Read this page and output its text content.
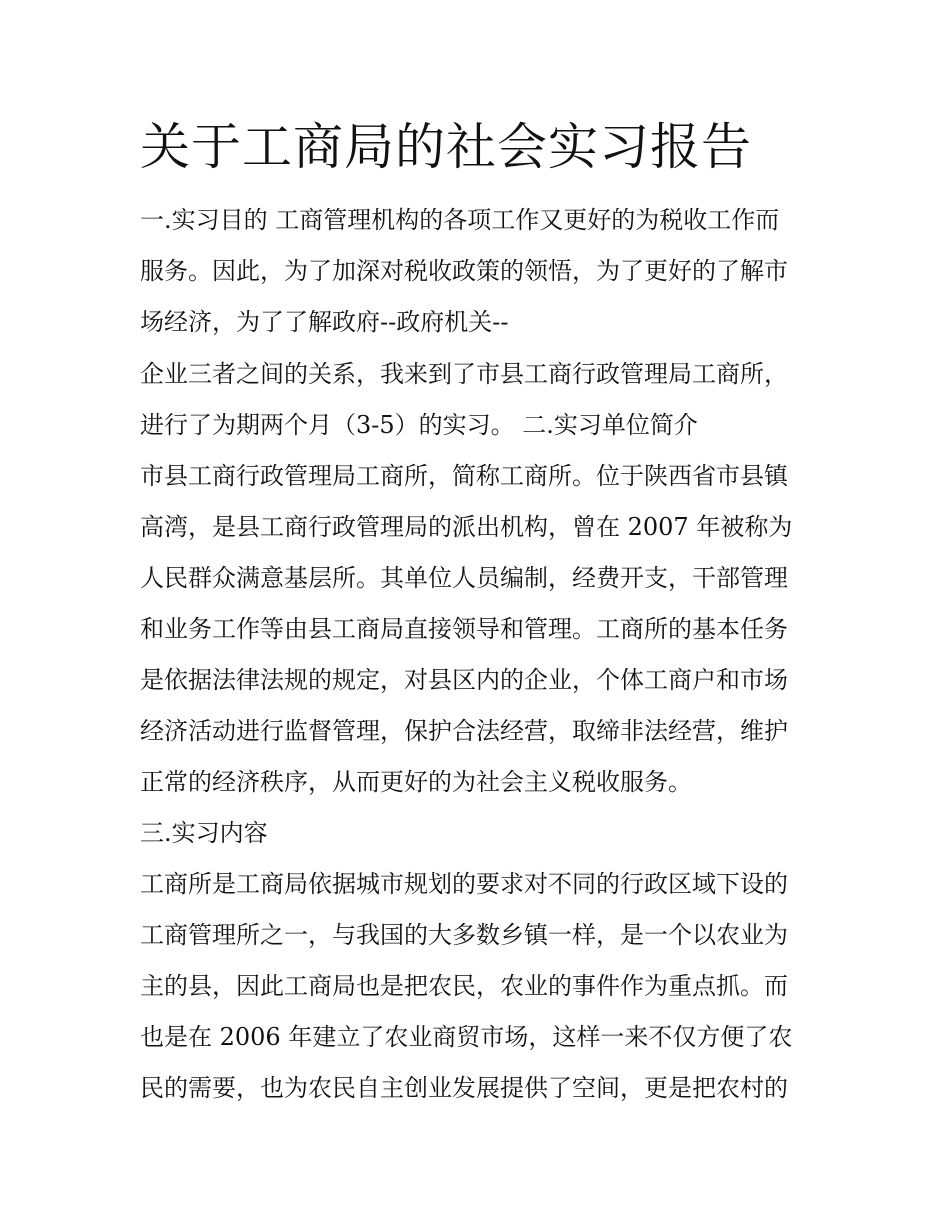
关于工商局的社会实习报告

一.实习目的 工商管理机构的各项工作又更好的为税收工作而

服务。因此，为了加深对税收政策的领悟，为了更好的了解市

场经济，为了了解政府--政府机关--

企业三者之间的关系，我来到了市县工商行政管理局工商所，

进行了为期两个月（3-5）的实习。 二.实习单位简介

市县工商行政管理局工商所，简称工商所。位于陕西省市县镇

高湾，是县工商行政管理局的派出机构，曾在 2007 年被称为

人民群众满意基层所。其单位人员编制，经费开支，干部管理

和业务工作等由县工商局直接领导和管理。工商所的基本任务

是依据法律法规的规定，对县区内的企业，个体工商户和市场

经济活动进行监督管理，保护合法经营，取缔非法经营，维护

正常的经济秩序，从而更好的为社会主义税收服务。

三.实习内容

工商所是工商局依据城市规划的要求对不同的行政区域下设的

工商管理所之一，与我国的大多数乡镇一样，是一个以农业为

主的县，因此工商局也是把农民，农业的事件作为重点抓。而

也是在 2006 年建立了农业商贸市场，这样一来不仅方便了农

民的需要，也为农民自主创业发展提供了空间，更是把农村的
